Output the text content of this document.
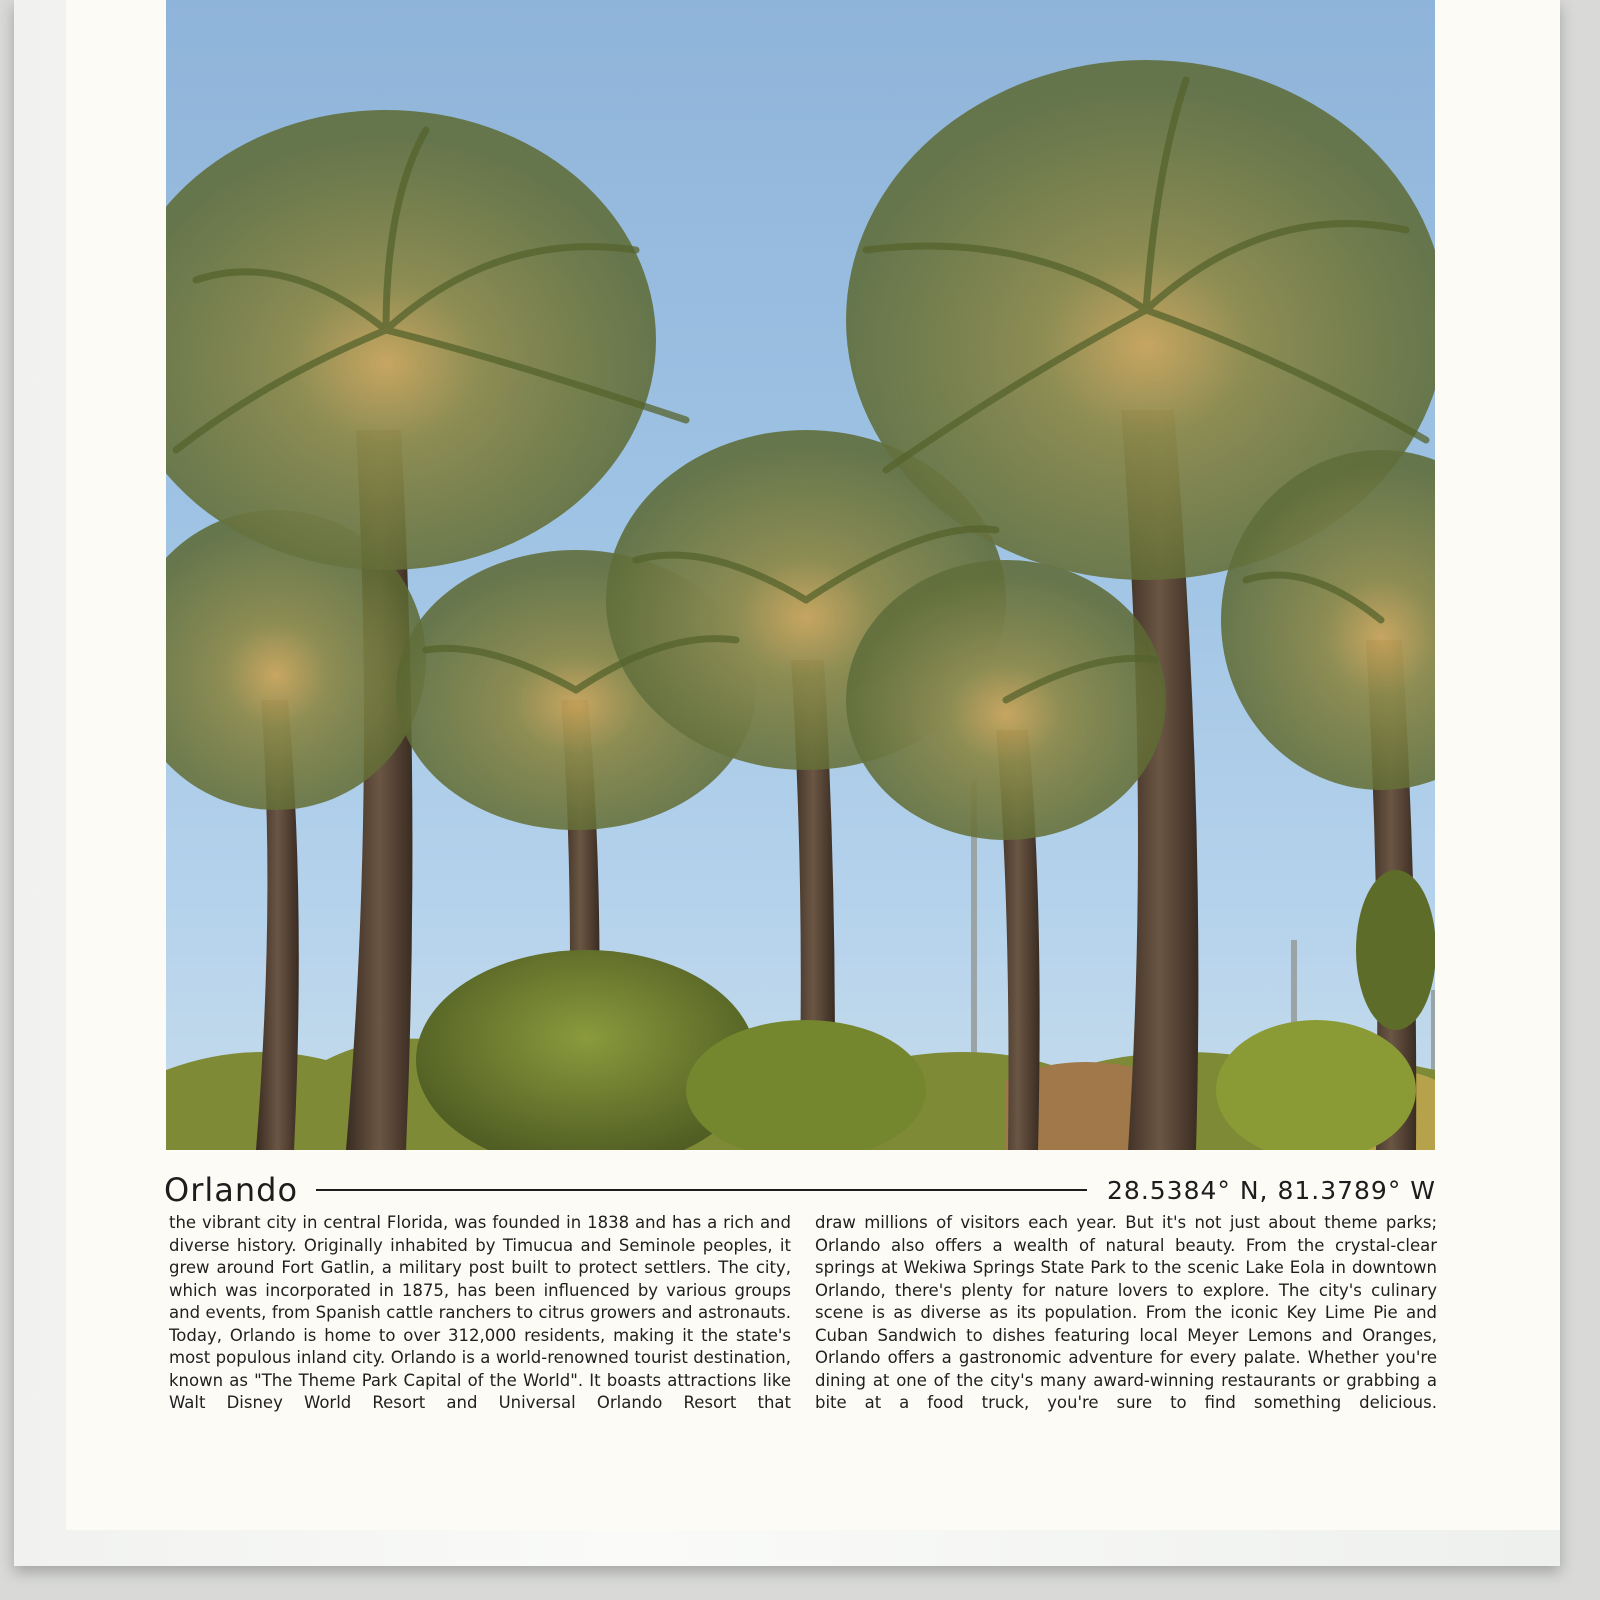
Orlando	28.5384° N, 81.3789° W
the vibrant city in central Florida, was founded in 1838 and has a rich and diverse history. Originally inhabited by Timucua and Seminole peoples, it grew around Fort Gatlin, a military post built to protect settlers. The city, which was incorporated in 1875, has been influenced by various groups and events, from Spanish cattle ranchers to citrus growers and astronauts. Today, Orlando is home to over 312,000 residents, making it the state's most populous inland city. Orlando is a world-renowned tourist destination, known as "The Theme Park Capital of the World". It boasts attractions like Walt Disney World Resort and Universal Orlando Resort that
draw millions of visitors each year. But it's not just about theme parks; Orlando also offers a wealth of natural beauty. From the crystal-clear springs at Wekiwa Springs State Park to the scenic Lake Eola in downtown Orlando, there's plenty for nature lovers to explore. The city's culinary scene is as diverse as its population. From the iconic Key Lime Pie and Cuban Sandwich to dishes featuring local Meyer Lemons and Oranges, Orlando offers a gastronomic adventure for every palate. Whether you're dining at one of the city's many award-winning restaurants or grabbing a bite at a food truck, you're sure to find something delicious.
